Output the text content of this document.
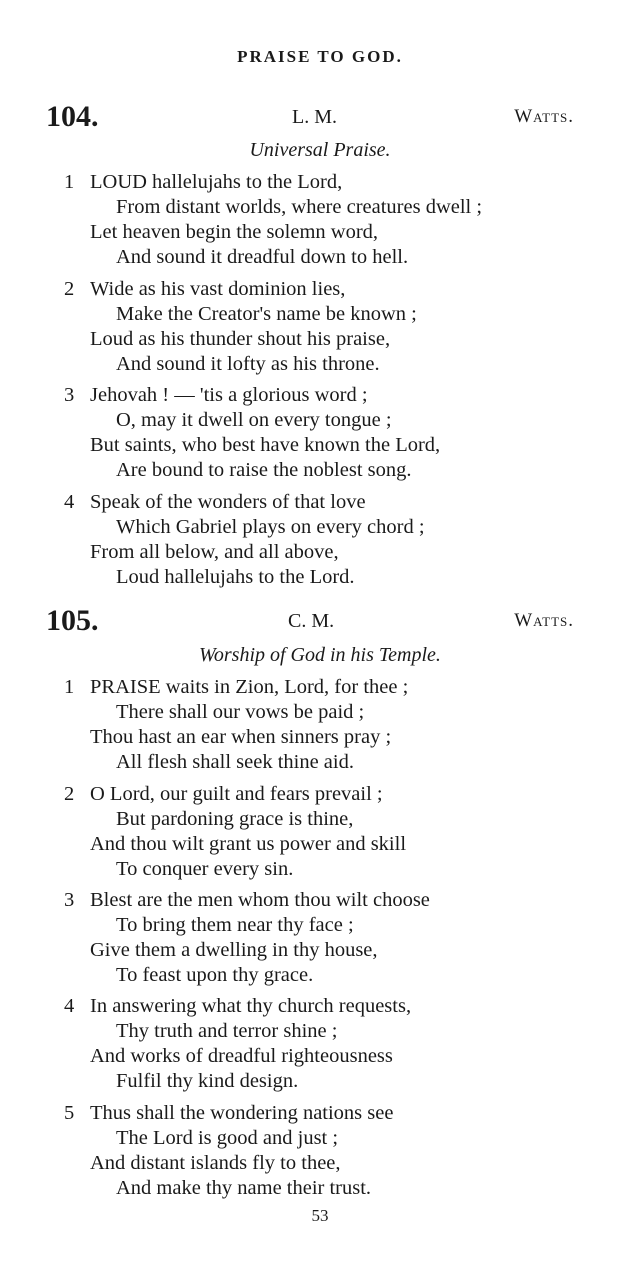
PRAISE TO GOD.
104.	L. M.	Watts.
Universal Praise.
1 LOUD hallelujahs to the Lord,
From distant worlds, where creatures dwell ;
Let heaven begin the solemn word,
And sound it dreadful down to hell.
2 Wide as his vast dominion lies,
Make the Creator's name be known ;
Loud as his thunder shout his praise,
And sound it lofty as his throne.
3 Jehovah ! — 'tis a glorious word ;
O, may it dwell on every tongue ;
But saints, who best have known the Lord,
Are bound to raise the noblest song.
4 Speak of the wonders of that love
Which Gabriel plays on every chord ;
From all below, and all above,
Loud hallelujahs to the Lord.
105.	C. M.	Watts.
Worship of God in his Temple.
1 PRAISE waits in Zion, Lord, for thee ;
There shall our vows be paid ;
Thou hast an ear when sinners pray ;
All flesh shall seek thine aid.
2 O Lord, our guilt and fears prevail ;
But pardoning grace is thine,
And thou wilt grant us power and skill
To conquer every sin.
3 Blest are the men whom thou wilt choose
To bring them near thy face ;
Give them a dwelling in thy house,
To feast upon thy grace.
4 In answering what thy church requests,
Thy truth and terror shine ;
And works of dreadful righteousness
Fulfil thy kind design.
5 Thus shall the wondering nations see
The Lord is good and just ;
And distant islands fly to thee,
And make thy name their trust.
53
